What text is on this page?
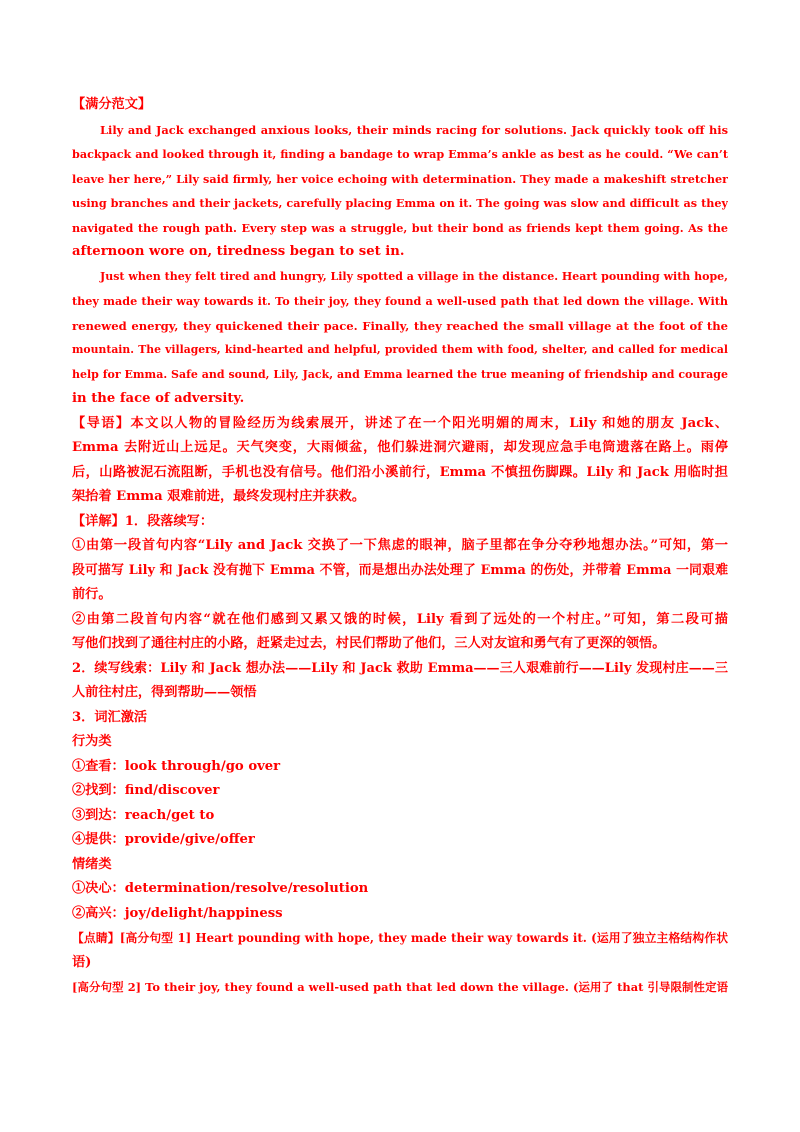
【满分范文】
Lily and Jack exchanged anxious looks, their minds racing for solutions. Jack quickly took off his
backpack and looked through it, finding a bandage to wrap Emma’s ankle as best as he could. “We can’t
leave her here,” Lily said firmly, her voice echoing with determination. They made a makeshift stretcher
using branches and their jackets, carefully placing Emma on it. The going was slow and difficult as they
navigated the rough path. Every step was a struggle, but their bond as friends kept them going. As the
afternoon wore on, tiredness began to set in.
Just when they felt tired and hungry, Lily spotted a village in the distance. Heart pounding with hope,
they made their way towards it. To their joy, they found a well-used path that led down the village. With
renewed energy, they quickened their pace. Finally, they reached the small village at the foot of the
mountain. The villagers, kind-hearted and helpful, provided them with food, shelter, and called for medical
help for Emma. Safe and sound, Lily, Jack, and Emma learned the true meaning of friendship and courage
in the face of adversity.
【导语】本文以人物的冒险经历为线索展开，讲述了在一个阳光明媚的周末，Lily 和她的朋友 Jack、
Emma 去附近山上远足。天气突变，大雨倾盆，他们躲进洞穴避雨，却发现应急手电筒遗落在路上。雨停
后，山路被泥石流阻断，手机也没有信号。他们沿小溪前行，Emma 不慎扭伤脚踝。Lily 和 Jack 用临时担
架抬着 Emma 艰难前进，最终发现村庄并获救。
【详解】1．段落续写：
①由第一段首句内容“Lily and Jack 交换了一下焦虑的眼神，脑子里都在争分夺秒地想办法。”可知，第一
段可描写 Lily 和 Jack 没有抛下 Emma 不管，而是想出办法处理了 Emma 的伤处，并带着 Emma 一同艰难
前行。
②由第二段首句内容“就在他们感到又累又饿的时候，Lily 看到了远处的一个村庄。”可知，第二段可描
写他们找到了通往村庄的小路，赶紧走过去，村民们帮助了他们，三人对友谊和勇气有了更深的领悟。
2．续写线索：Lily 和 Jack 想办法——Lily 和 Jack 救助 Emma——三人艰难前行——Lily 发现村庄——三
人前往村庄，得到帮助——领悟
3．词汇激活
行为类
①查看：look through/go over
②找到：find/discover
③到达：reach/get to
④提供：provide/give/offer
情绪类
①决心：determination/resolve/resolution
②高兴：joy/delight/happiness
【点睛】[高分句型 1] Heart pounding with hope, they made their way towards it. (运用了独立主格结构作状
语)
[高分句型 2] To their joy, they found a well-used path that led down the village. (运用了 that 引导限制性定语
